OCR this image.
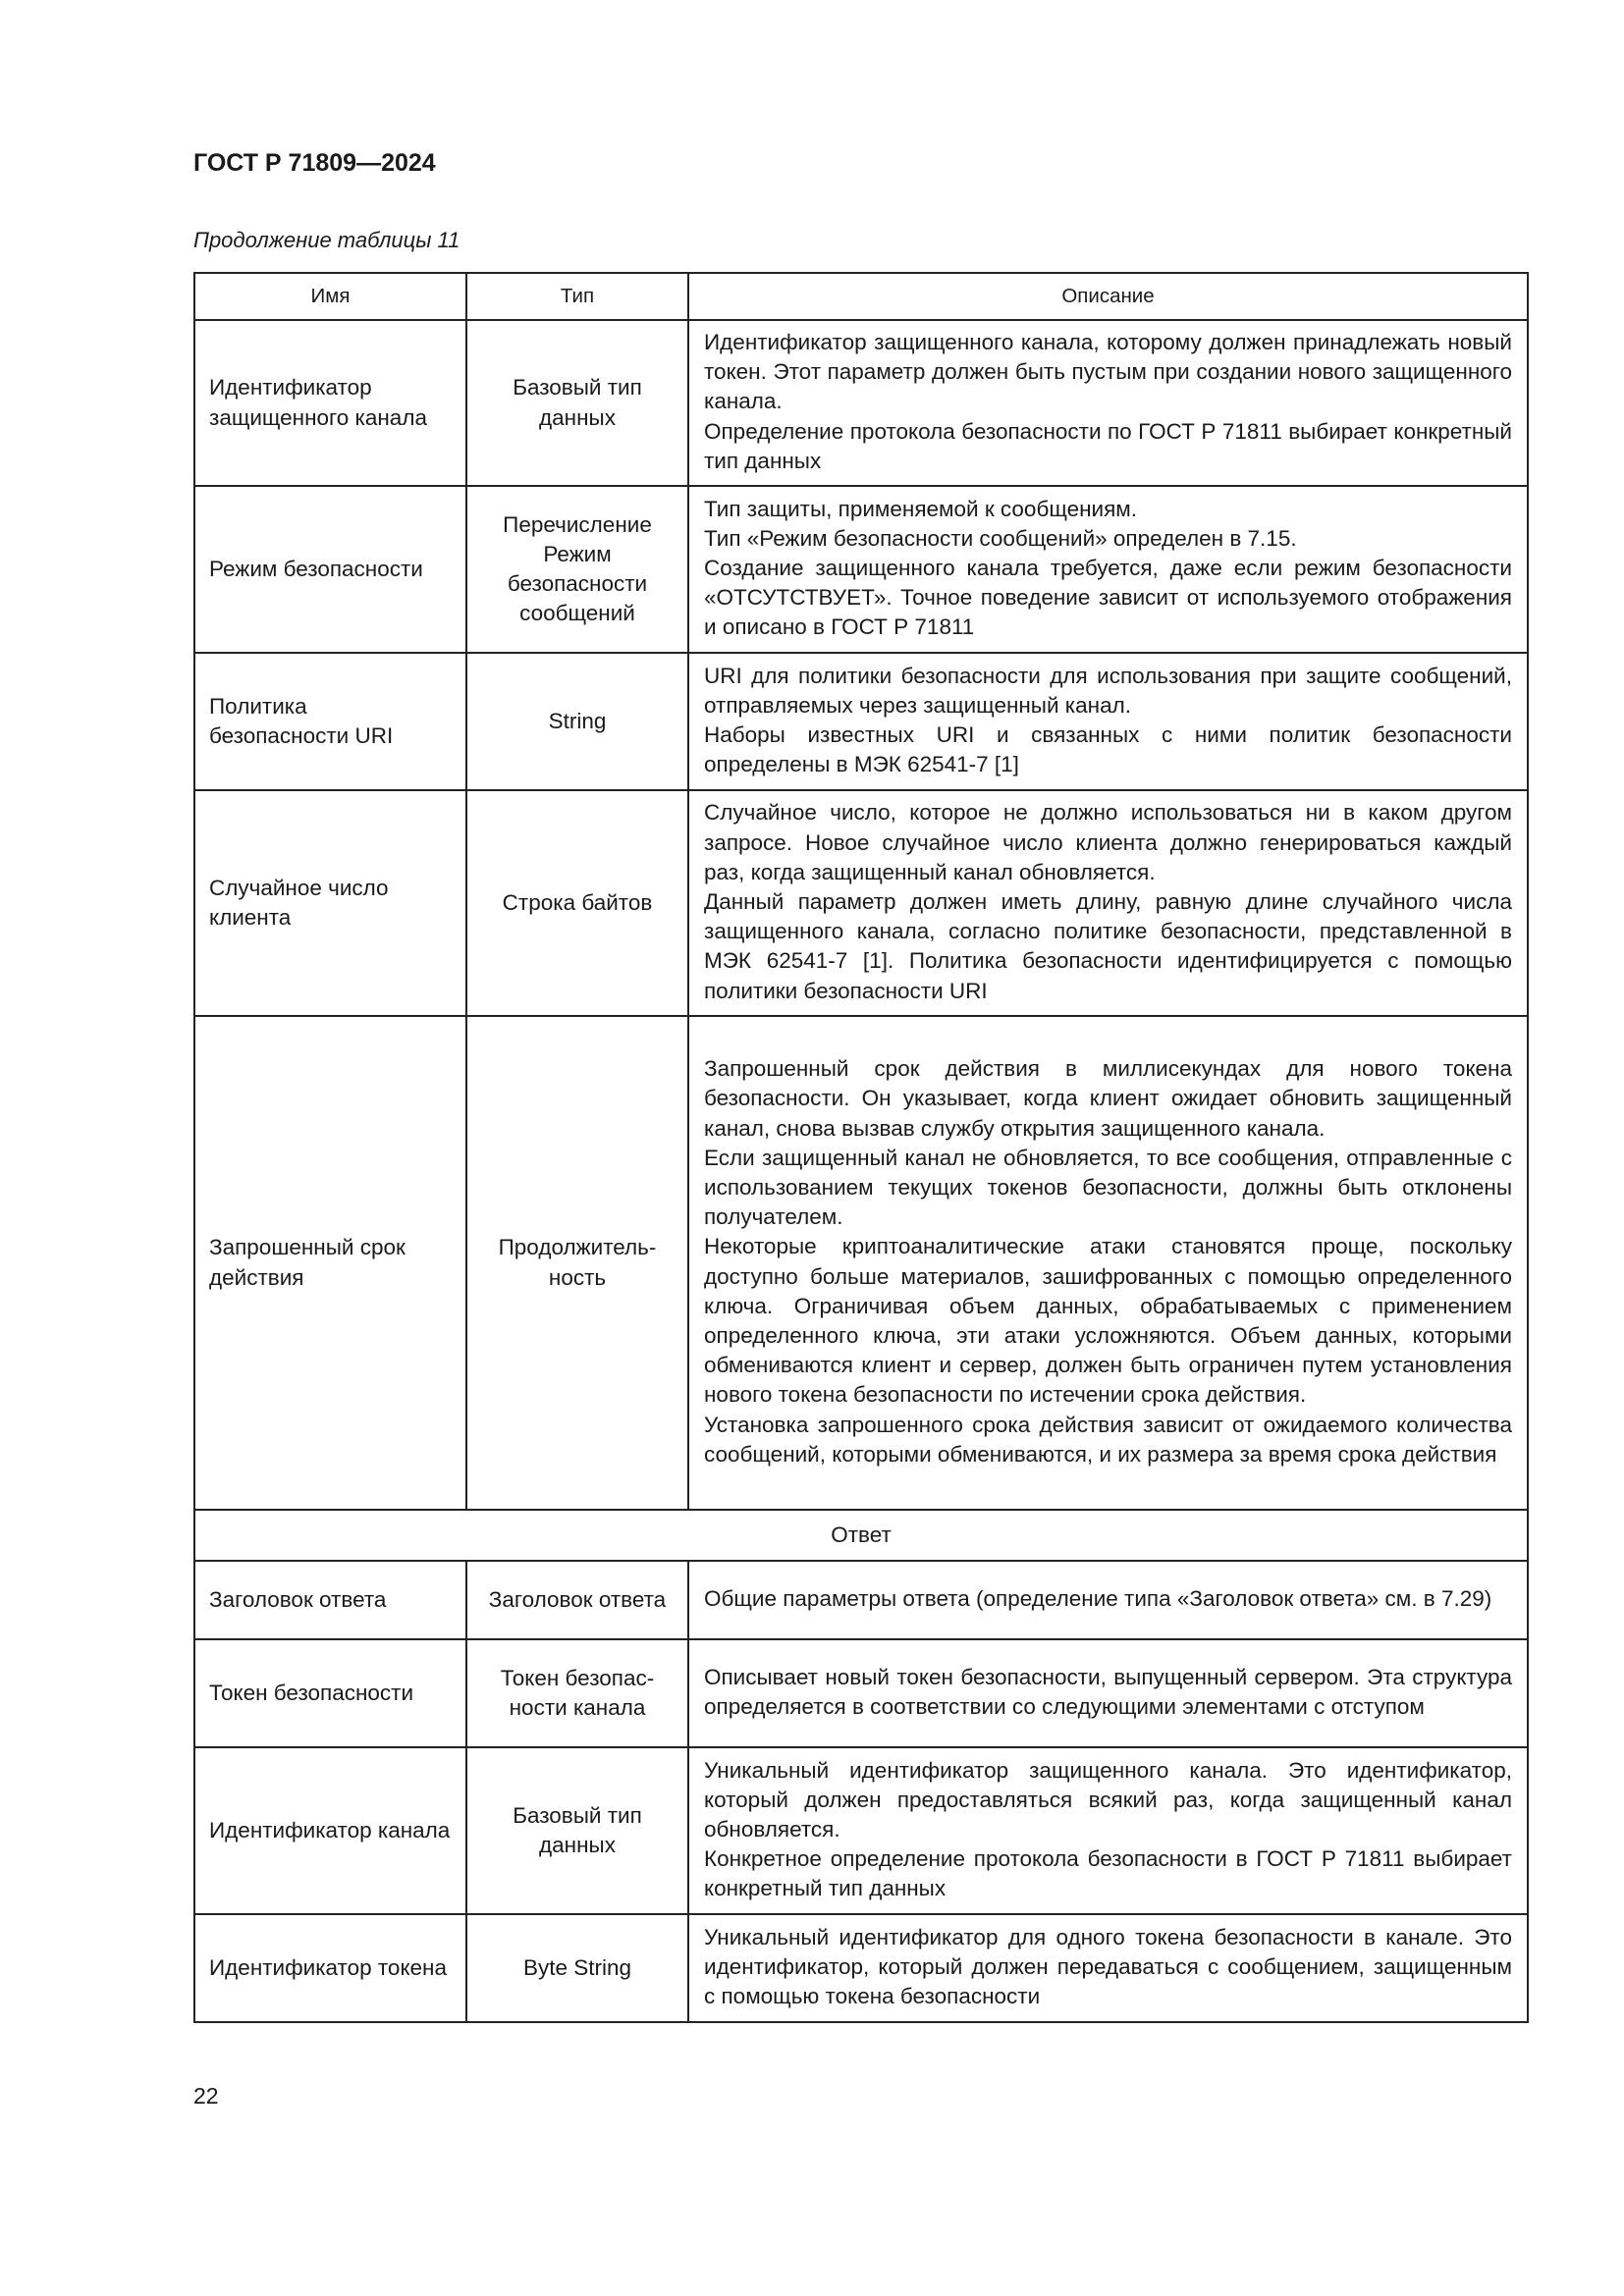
ГОСТ Р 71809—2024
Продолжение таблицы 11
Имя	Тип	Описание
Идентификатор защищенного канала	Базовый тип данных	Идентификатор защищенного канала, которому должен принадлежать новый токен. Этот параметр должен быть пустым при создании нового защищенного канала.
Определение протокола безопасности по ГОСТ Р 71811 выбирает конкретный тип данных

Режим безопасности	Перечисление Режим безопасности сообщений	Тип защиты, применяемой к сообщениям.
Тип «Режим безопасности сообщений» определен в 7.15.
Создание защищенного канала требуется, даже если режим безопасности «ОТСУТСТВУЕТ». Точное поведение зависит от используемого отображения и описано в ГОСТ Р 71811

Политика безопасности URI	String	URI для политики безопасности для использования при защите сообщений, отправляемых через защищенный канал.
Наборы известных URI и связанных с ними политик безопасности определены в МЭК 62541-7 [1]

Случайное число клиента	Строка байтов	Случайное число, которое не должно использоваться ни в каком другом запросе. Новое случайное число клиента должно генерироваться каждый раз, когда защищенный канал обновляется.
Данный параметр должен иметь длину, равную длине случайного числа защищенного канала, согласно политике безопасности, представленной в МЭК 62541-7 [1]. Политика безопасности идентифицируется с помощью политики безопасности URI

Запрошенный срок действия	Продолжительность	Запрошенный срок действия в миллисекундах для нового токена безопасности. Он указывает, когда клиент ожидает обновить защищенный канал, снова вызвав службу открытия защищенного канала.
Если защищенный канал не обновляется, то все сообщения, отправленные с использованием текущих токенов безопасности, должны быть отклонены получателем.
Некоторые криптоаналитические атаки становятся проще, поскольку доступно больше материалов, зашифрованных с помощью определенного ключа. Ограничивая объем данных, обрабатываемых с применением определенного ключа, эти атаки усложняются. Объем данных, которыми обмениваются клиент и сервер, должен быть ограничен путем установления нового токена безопасности по истечении срока действия.
Установка запрошенного срока действия зависит от ожидаемого количества сообщений, которыми обмениваются, и их размера за время срока действия

Ответ		
Заголовок ответа	Заголовок ответа	Общие параметры ответа (определение типа «Заголовок ответа» см. в 7.29)

Токен безопасности	Токен безопасности канала	Описывает новый токен безопасности, выпущенный сервером. Эта структура определяется в соответствии со следующими элементами с отступом

Идентификатор канала	Базовый тип данных	Уникальный идентификатор защищенного канала. Это идентификатор, который должен предоставляться всякий раз, когда защищенный канал обновляется.
Конкретное определение протокола безопасности в ГОСТ Р 71811 выбирает конкретный тип данных

Идентификатор токена	Byte String	Уникальный идентификатор для одного токена безопасности в канале. Это идентификатор, который должен передаваться с сообщением, защищенным с помощью токена безопасности
22
